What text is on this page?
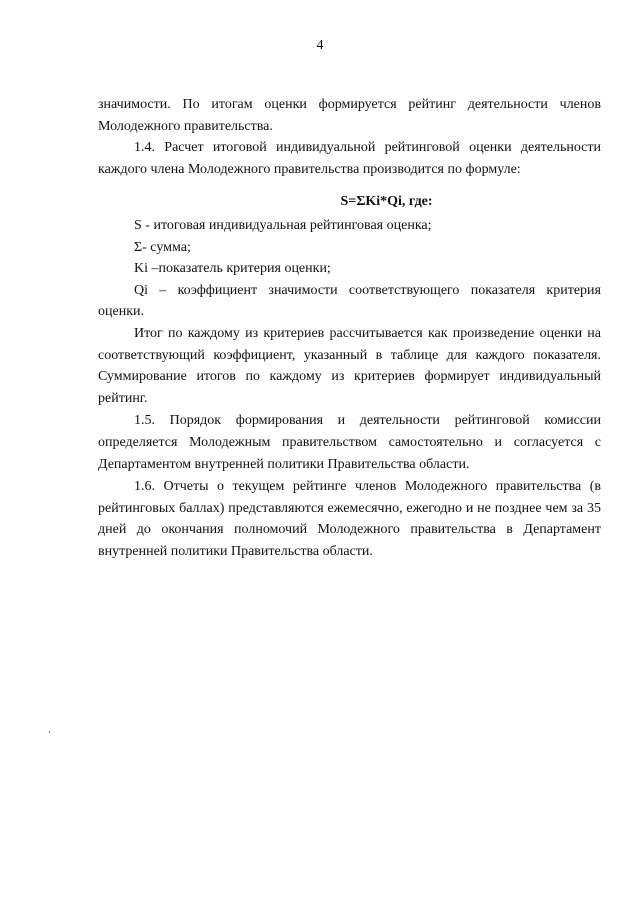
4

значимости. По итогам оценки формируется рейтинг деятельности членов Молодежного правительства.

1.4. Расчет итоговой индивидуальной рейтинговой оценки деятельности каждого члена Молодежного правительства производится по формуле:

S=ΣKi*Qi, где:

S - итоговая индивидуальная рейтинговая оценка;

Σ- сумма;

Ki –показатель критерия оценки;

Qi – коэффициент значимости соответствующего показателя критерия оценки.

Итог по каждому из критериев рассчитывается как произведение оценки на соответствующий коэффициент, указанный в таблице для каждого показателя. Суммирование итогов по каждому из критериев формирует индивидуальный рейтинг.

1.5. Порядок формирования и деятельности рейтинговой комиссии определяется Молодежным правительством самостоятельно и согласуется с Департаментом внутренней политики Правительства области.

1.6. Отчеты о текущем рейтинге членов Молодежного правительства (в рейтинговых баллах) представляются ежемесячно, ежегодно и не позднее чем за 35 дней до окончания полномочий Молодежного правительства в Департамент внутренней политики Правительства области.
